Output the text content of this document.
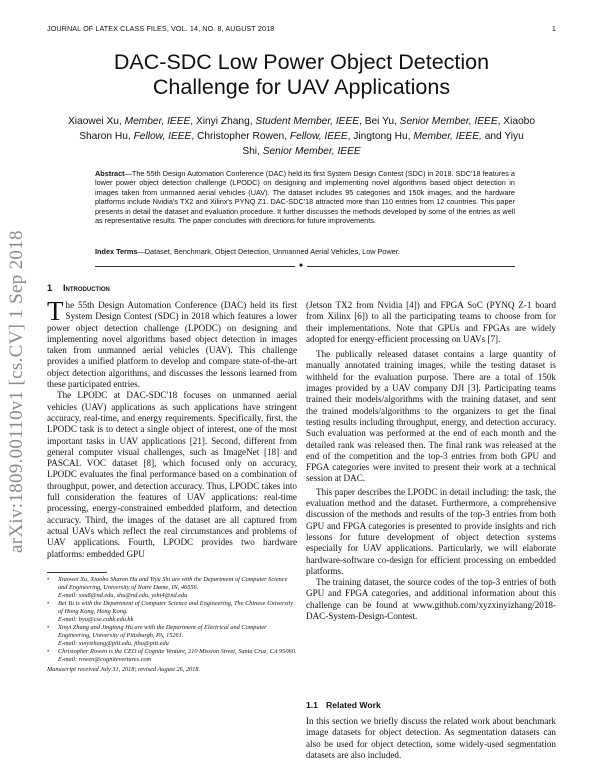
JOURNAL OF LATEX CLASS FILES, VOL. 14, NO. 8, AUGUST 2018	1
DAC-SDC Low Power Object Detection
Challenge for UAV Applications
Xiaowei Xu, Member, IEEE, Xinyi Zhang, Student Member, IEEE, Bei Yu, Senior Member, IEEE, Xiaobo
Sharon Hu, Fellow, IEEE, Christopher Rowen, Fellow, IEEE, Jingtong Hu, Member, IEEE, and Yiyu
Shi, Senior Member, IEEE
Abstract—The 55th Design Automation Conference (DAC) held its first System Design Contest (SDC) in 2018. SDC'18 features a lower power object detection challenge (LPODC) on designing and implementing novel algorithms based object detection in images taken from unmanned aerial vehicles (UAV). The dataset includes 95 categories and 150k images, and the hardware platforms include Nvidia's TX2 and Xilinx's PYNQ Z1. DAC-SDC'18 attracted more than 110 entries from 12 countries. This paper presents in detail the dataset and evaluation procedure. It further discusses the methods developed by some of the entries as well as representative results. The paper concludes with directions for future improvements.
Index Terms—Dataset, Benchmark, Object Detection, Unmanned Aerial Vehicles, Low Power.
✦
arXiv:1809.00110v1 [cs.CV] 1 Sep 2018	1 Introduction

The 55th Design Automation Conference (DAC) held its first System Design Contest (SDC) in 2018 which features a lower power object detection challenge (LPODC) on designing and implementing novel algorithms based object detection in images taken from unmanned aerial vehicles (UAV). This challenge provides a unified platform to develop and compare state-of-the-art object detection algorithms, and discusses the lessons learned from these participated entries.

The LPODC at DAC-SDC'18 focuses on unmanned aerial vehicles (UAV) applications as such applications have stringent accuracy, real-time, and energy requirements. Specifically, first, the LPODC task is to detect a single object of interest, one of the most important tasks in UAV applications [21]. Second, different from general computer visual challenges, such as ImageNet [18] and PASCAL VOC dataset [8], which focused only on accuracy, LPODC evaluates the final performance based on a combination of throughput, power, and detection accuracy. Thus, LPODC takes into full consideration the features of UAV applications: real-time processing, energy-constrained embedded platform, and detection accuracy. Third, the images of the dataset are all captured from actual UAVs which reflect the real circumstances and problems of UAV applications. Fourth, LPODC provides two hardware platforms: embedded GPU

• Xiaowei Xu, Xiaobo Sharon Hu and Yiyu Shi are with the Department of Computer Science and Engineering, University of Notre Dame, IN, 46556.
E-mail: xxu8@nd.edu, shu@nd.edu, yshi4@nd.edu
• Bei Yu is with the Department of Computer Science and Engineering, The Chinese University of Hong Kong, Hong Kong.
E-mail: byu@cse.cuhk.edu.hk
• Xinyi Zhang and Jingtong Hu are with the Department of Electrical and Computer Engineering, University of Pittsburgh, PA, 15261.
E-mail: xinyizhang@pitt.edu, jthu@pitt.edu
• Christopher Rowen is the CEO of Cognite Venture, 210 Mission Street, Santa Cruz, CA 95060.
E-mail: rowen@cognitevertures.com
Manuscript received July 31, 2018; revised August 26, 2018.

(Jetson TX2 from Nvidia [4]) and FPGA SoC (PYNQ Z-1 board from Xilinx [6]) to all the participating teams to choose from for their implementations. Note that GPUs and FPGAs are widely adopted for energy-efficient processing on UAVs [7].

The publically released dataset contains a large quantity of manually annotated training images, while the testing dataset is withheld for the evaluation purpose. There are a total of 150k images provided by a UAV company DJI [3]. Participating teams trained their models/algorithms with the training dataset, and sent the trained models/algorithms to the organizers to get the final testing results including throughput, energy, and detection accuracy. Such evaluation was performed at the end of each month and the detailed rank was released then. The final rank was released at the end of the competition and the top-3 entries from both GPU and FPGA categories were invited to present their work at a technical session at DAC.

This paper describes the LPODC in detail including: the task, the evaluation method and the dataset. Furthermore, a comprehensive discussion of the methods and results of the top-3 entries from both GPU and FPGA categories is presented to provide insights and rich lessons for future development of object detection systems especially for UAV applications. Particularly, we will elaborate hardware-software co-design for efficient processing on embedded platforms.

The training dataset, the source codes of the top-3 entries of both GPU and FPGA categories, and additional information about this challenge can be found at www.github.com/xyzxinyizhang/2018-DAC-System-Design-Contest.

1.1 Related Work

In this section we briefly discuss the related work about benchmark image datasets for object detection. As segmentation datasets can also be used for object detection, some widely-used segmentation datasets are also included.
